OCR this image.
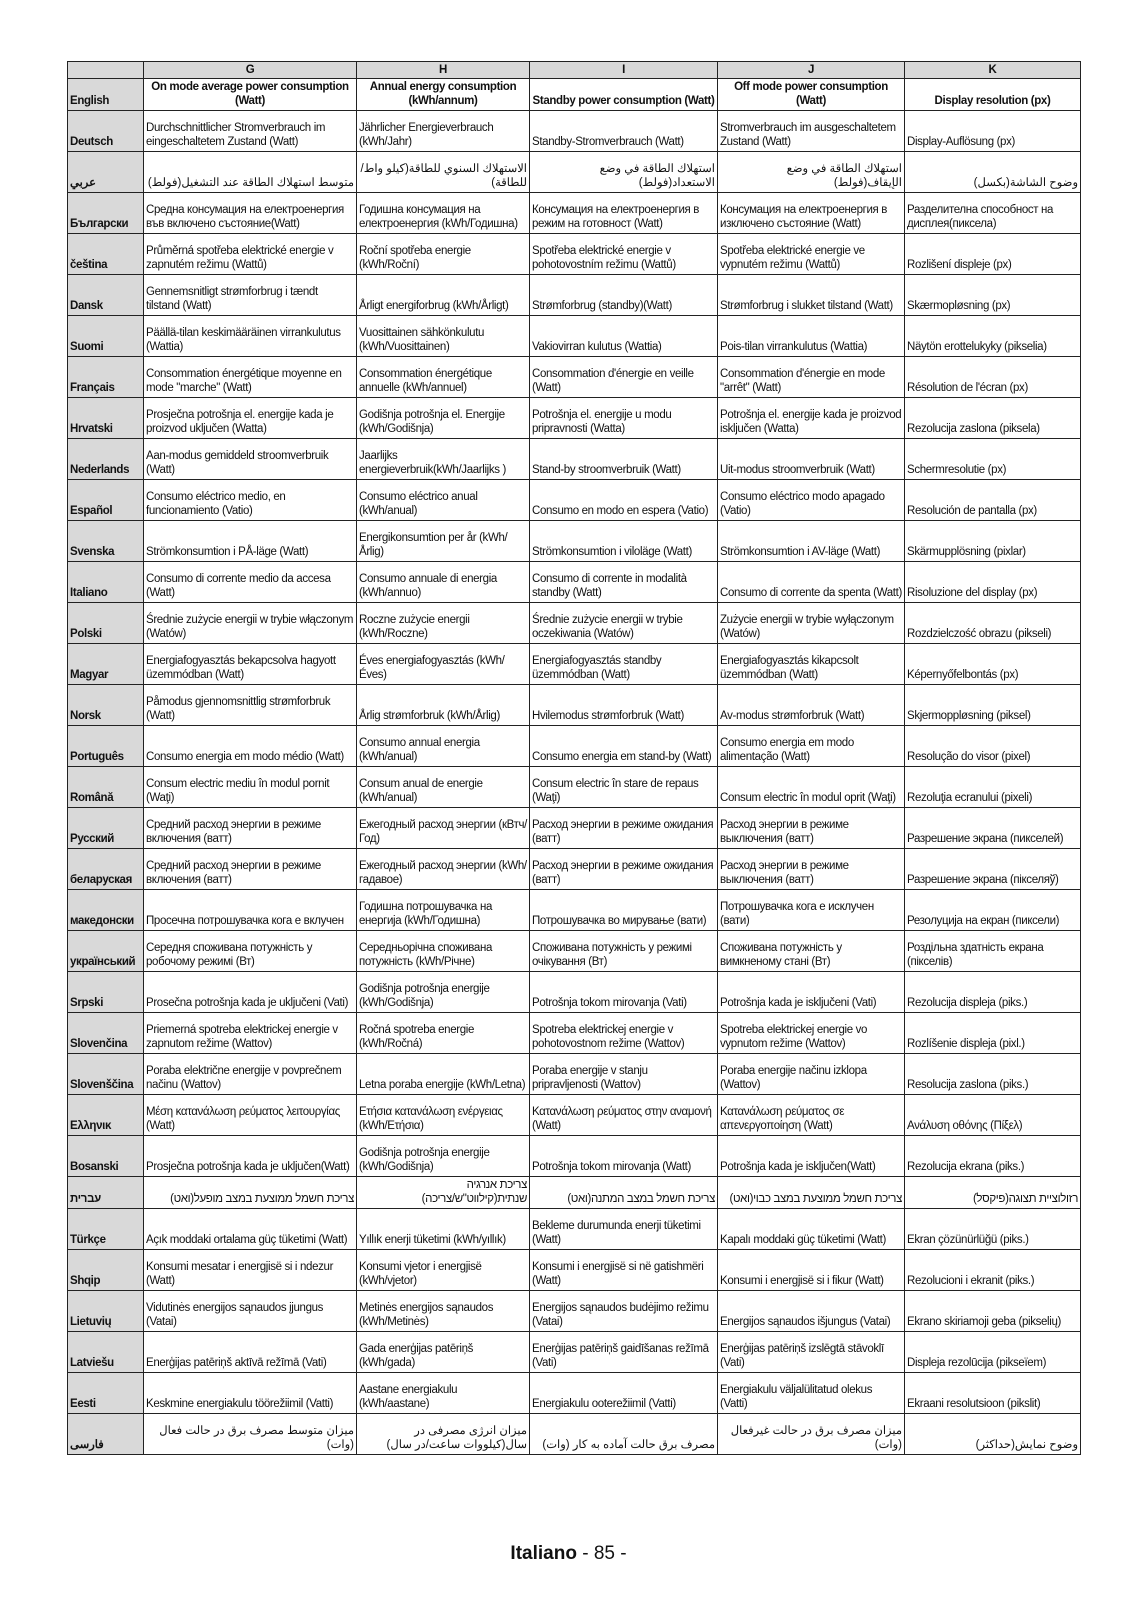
	G	H	I	J	K
English	On mode average power consumption (Watt)	Annual energy consumption (kWh/annum)	Standby power consumption (Watt)	Off mode power consumption (Watt)	Display resolution (px)
Deutsch	Durchschnittlicher Stromverbrauch im eingeschaltetem Zustand (Watt)	Jährlicher Energieverbrauch (kWh/Jahr)	Standby-Stromverbrauch (Watt)	Stromverbrauch im ausgeschaltetem Zustand (Watt)	Display-Auflösung (px)
عربي	متوسط استهلاك الطاقة عند التشغيل(فولط)	الاستهلاك السنوي للطاقة(كيلو واط/للطاقة)	استهلاك الطاقة في وضع الاستعداد(فولط)	استهلاك الطاقة في وضع الإيقاف(فولط)	وضوح الشاشة(بكسل)
Български	Средна консумация на електроенергия във включено състояние(Watt)	Годишна консумация на електроенергия (kWh/Годишна)	Консумация на електроенергия в режим на готовност (Watt)	Консумация на електроенергия в изключено състояние (Watt)	Разделителна способност на дисплея(пиксела)
čeština	Průměrná spotřeba elektrické energie v zapnutém režimu (Wattů)	Roční spotřeba energie (kWh/Roční)	Spotřeba elektrické energie v pohotovostním režimu (Wattů)	Spotřeba elektrické energie ve vypnutém režimu (Wattů)	Rozlišení displeje (px)
Dansk	Gennemsnitligt strømforbrug i tændt tilstand (Watt)	Årligt energiforbrug (kWh/Årligt)	Strømforbrug (standby)(Watt)	Strømforbrug i slukket tilstand (Watt)	Skærmopløsning (px)
Suomi	Päällä-tilan keskimääräinen virrankulutus (Wattia)	Vuosittainen sähkönkulutu (kWh/Vuosittainen)	Vakiovirran kulutus (Wattia)	Pois-tilan virrankulutus (Wattia)	Näytön erottelukyky (pikselia)
Français	Consommation énergétique moyenne en mode "marche" (Watt)	Consommation énergétique annuelle (kWh/annuel)	Consommation d'énergie en veille (Watt)	Consommation d'énergie en mode "arrêt" (Watt)	Résolution de l'écran (px)
Hrvatski	Prosječna potrošnja el. energije kada je proizvod uključen (Watta)	Godišnja potrošnja el. Energije (kWh/Godišnja)	Potrošnja el. energije u modu pripravnosti (Watta)	Potrošnja el. energije kada je proizvod isključen (Watta)	Rezolucija zaslona (piksela)
Nederlands	Aan-modus gemiddeld stroomverbruik (Watt)	Jaarlijks energieverbruik(kWh/Jaarlijks )	Stand-by stroomverbruik (Watt)	Uit-modus stroomverbruik (Watt)	Schermresolutie (px)
Español	Consumo eléctrico medio, en funcionamiento (Vatio)	Consumo eléctrico anual (kWh/anual)	Consumo en modo en espera (Vatio)	Consumo eléctrico modo apagado (Vatio)	Resolución de pantalla (px)
Svenska	Strömkonsumtion i PÅ-läge (Watt)	Energikonsumtion per år (kWh/Årlig)	Strömkonsumtion i viloläge (Watt)	Strömkonsumtion i AV-läge (Watt)	Skärmupplösning (pixlar)
Italiano	Consumo di corrente medio da accesa (Watt)	Consumo annuale di energia (kWh/annuo)	Consumo di corrente in modalità standby (Watt)	Consumo di corrente da spenta (Watt)	Risoluzione del display (px)
Polski	Średnie zużycie energii w trybie włączonym (Watów)	Roczne zużycie energii (kWh/Roczne)	Średnie zużycie energii w trybie oczekiwania (Watów)	Zużycie energii w trybie wyłączonym (Watów)	Rozdzielczość obrazu (pikseli)
Magyar	Energiafogyasztás bekapcsolva hagyott üzemmódban (Watt)	Éves energiafogyasztás (kWh/Éves)	Energiafogyasztás standby üzemmódban (Watt)	Energiafogyasztás kikapcsolt üzemmódban (Watt)	Képernyőfelbontás (px)
Norsk	Påmodus gjennomsnittlig strømforbruk (Watt)	Årlig strømforbruk (kWh/Årlig)	Hvilemodus strømforbruk (Watt)	Av-modus strømforbruk (Watt)	Skjermoppløsning (piksel)
Português	Consumo energia em modo médio (Watt)	Consumo annual energia (kWh/anual)	Consumo energia em stand-by (Watt)	Consumo energia em modo alimentação (Watt)	Resolução do visor (pixel)
Română	Consum electric mediu în modul pornit (Waţi)	Consum anual de energie (kWh/anual)	Consum electric în stare de repaus (Waţi)	Consum electric în modul oprit (Waţi)	Rezoluţia ecranului (pixeli)
Русский	Средний расход энергии в режиме включения (ватт)	Ежегодный расход энергии (кВтч/Год)	Расход энергии в режиме ожидания (ватт)	Расход энергии в режиме выключения (ватт)	Разрешение экрана (пикселей)
беларуская	Средний расход энергии в режиме включения (ватт)	Ежегодный расход энергии (kWh/гадавое)	Расход энергии в режиме ожидания (ватт)	Расход энергии в режиме выключения (ватт)	Разрешение экрана (пікселяў)
македонски	Просечна потрошувачка кога е вклучен	Годишна потрошувачка на енергија (kWh/Годишна)	Потрошувачка во мирување (вати)	Потрошувачка кога е исклучен (вати)	Резолуција на екран (пиксели)
український	Середня споживана потужність у робочому режимі (Вт)	Середньорічна споживана потужність (kWh/Річне)	Споживана потужність у режимі очікування (Вт)	Споживана потужність у вимкненому стані (Вт)	Роздільна здатність екрана (пікселів)
Srpski	Prosečna potrošnja kada je uključeni (Vati)	Godišnja potrošnja energije (kWh/Godišnja)	Potrošnja tokom mirovanja (Vati)	Potrošnja kada je isključeni (Vati)	Rezolucija displeja (piks.)
Slovenčina	Priemerná spotreba elektrickej energie v zapnutom režime (Wattov)	Ročná spotreba energie (kWh/Ročná)	Spotreba elektrickej energie v pohotovostnom režime (Wattov)	Spotreba elektrickej energie vo vypnutom režime (Wattov)	Rozlíšenie displeja (pixl.)
Slovenščina	Poraba električne energije v povprečnem načinu (Wattov)	Letna poraba energije (kWh/Letna)	Poraba energije v stanju pripravljenosti (Wattov)	Poraba energije načinu izklopa (Wattov)	Resolucija zaslona (piks.)
Ελληνικ	Μέση κατανάλωση ρεύματος λειτουργίας (Watt)	Ετήσια κατανάλωση ενέργειας (kWh/Ετήσια)	Κατανάλωση ρεύματος στην αναμονή (Watt)	Κατανάλωση ρεύματος σε απενεργοποίηση (Watt)	Ανάλυση οθόνης (Πίξελ)
Bosanski	Prosječna potrošnja kada je uključen(Watt)	Godišnja potrošnja energije (kWh/Godišnja)	Potrošnja tokom mirovanja (Watt)	Potrošnja kada je isključen(Watt)	Rezolucija ekrana (piks.)
עברית	צריכת חשמל ממוצעת במצב מופעל(ואט)	צריכת אנרגיה שנתית(קילווט"ש/צריכה)	צריכת חשמל במצב המתנה(ואט)	צריכת חשמל ממוצעת במצב כבוי(ואט)	רזולוציית תצוגה(פיקסל)
Türkçe	Açık moddaki ortalama güç tüketimi (Watt)	Yıllık enerji tüketimi (kWh/yıllık)	Bekleme durumunda enerji tüketimi (Watt)	Kapalı moddaki güç tüketimi (Watt)	Ekran çözünürlüğü (piks.)
Shqip	Konsumi mesatar i energjisë si i ndezur (Watt)	Konsumi vjetor i energjisë (kWh/vjetor)	Konsumi i energjisë si në gatishmëri (Watt)	Konsumi i energjisë si i fikur (Watt)	Rezolucioni i ekranit (piks.)
Lietuvių	Vidutinės energijos sąnaudos įjungus (Vatai)	Metinės energijos sąnaudos (kWh/Metinės)	Energijos sąnaudos budėjimo režimu (Vatai)	Energijos sąnaudos išjungus (Vatai)	Ekrano skiriamoji geba (pikselių)
Latviešu	Enerģijas patēriņš aktīvā režīmā (Vati)	Gada enerģijas patēriņš (kWh/gada)	Enerģijas patēriņš gaidīšanas režīmā (Vati)	Enerģijas patēriņš izslēgtā stāvoklī (Vati)	Displeja rezolūcija (pikseïem)
Eesti	Keskmine energiakulu töörežiimil (Vatti)	Aastane energiakulu (kWh/aastane)	Energiakulu ooterežiimil (Vatti)	Energiakulu väljalülitatud olekus (Vatti)	Ekraani resolutsioon (pikslit)
فارسی	میزان متوسط مصرف برق در حالت فعال (وات)	میزان انرژی مصرفی در سال(کیلووات ساعت/در سال)	مصرف برق حالت آماده به کار (وات)	میزان مصرف برق در حالت غیرفعال (وات)	وضوح نمایش(حداکثر)
Italiano - 85 -
